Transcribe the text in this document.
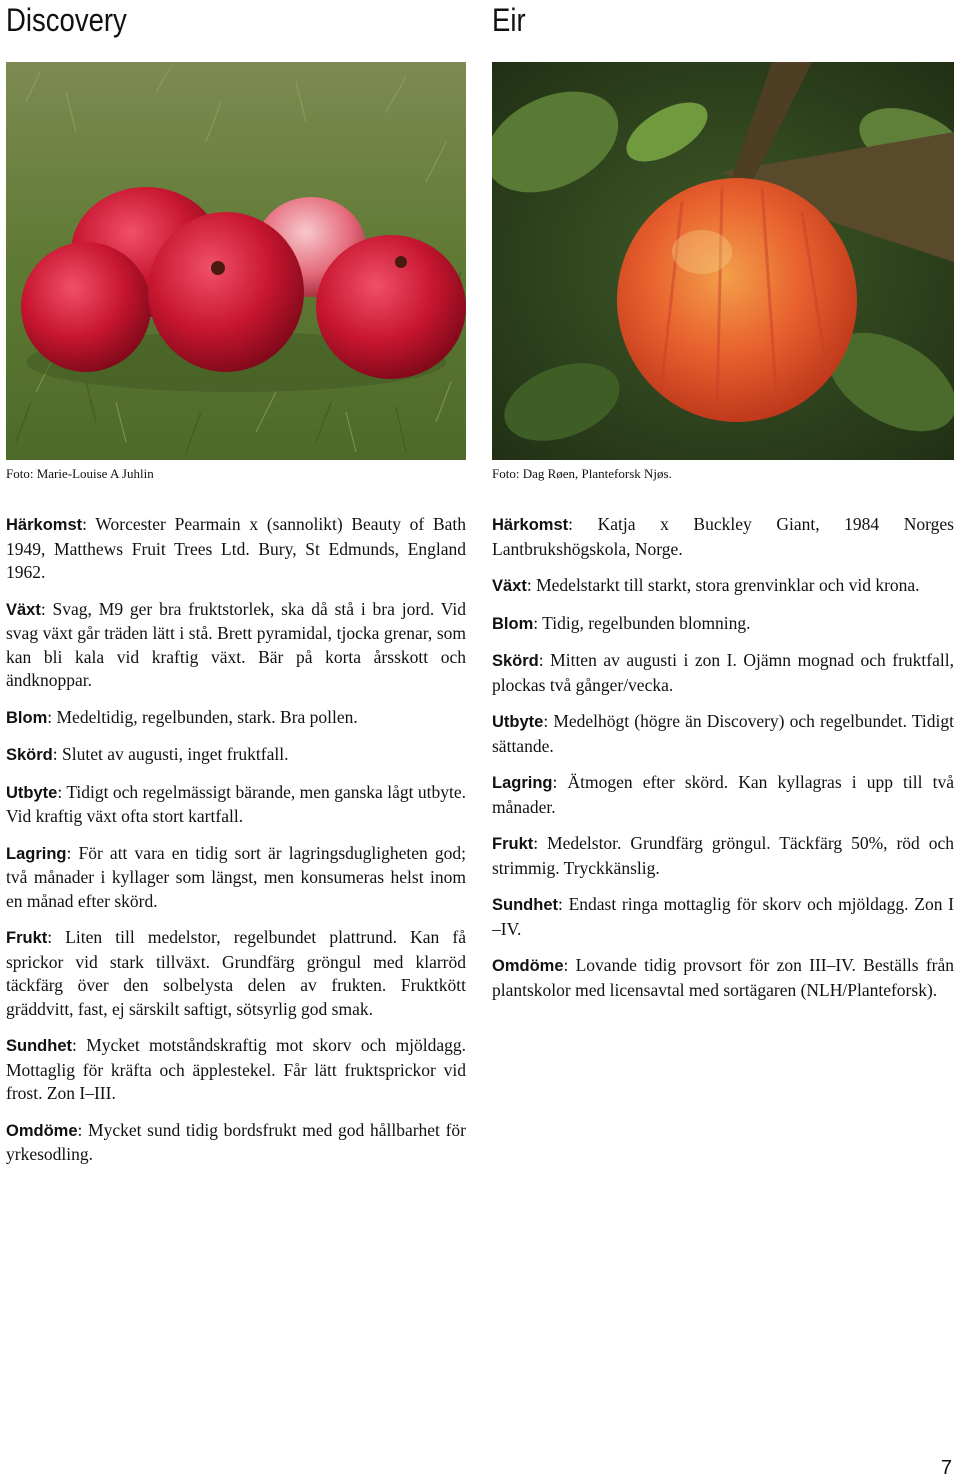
Discovery
Foto: Marie-Louise A Juhlin

Härkomst: Worcester Pearmain x (sannolikt) Beauty of Bath 1949, Matthews Fruit Trees Ltd. Bury, St Edmunds, England 1962.

Växt: Svag, M9 ger bra fruktstorlek, ska då stå i bra jord. Vid svag växt går träden lätt i stå. Brett pyramidal, tjocka grenar, som kan bli kala vid kraftig växt. Bär på korta årsskott och ändknoppar.

Blom: Medeltidig, regelbunden, stark. Bra pollen.

Skörd: Slutet av augusti, inget fruktfall.

Utbyte: Tidigt och regelmässigt bärande, men ganska lågt utbyte. Vid kraftig växt ofta stort kartfall.

Lagring: För att vara en tidig sort är lagringsdugligheten god; två månader i kyllager som längst, men konsumeras helst inom en månad efter skörd.

Frukt: Liten till medelstor, regelbundet plattrund. Kan få sprickor vid stark tillväxt. Grundfärg gröngul med klarröd täckfärg över den solbelysta delen av frukten. Fruktkött gräddvitt, fast, ej särskilt saftigt, sötsyrlig god smak.

Sundhet: Mycket motståndskraftig mot skorv och mjöldagg. Mottaglig för kräfta och äpplestekel. Får lätt fruktsprickor vid frost. Zon I–III.

Omdöme: Mycket sund tidig bordsfrukt med god hållbarhet för yrkesodling.

Eir
Foto: Dag Røen, Planteforsk Njøs.

Härkomst: Katja x Buckley Giant, 1984 Norges Lantbrukshögskola, Norge.

Växt: Medelstarkt till starkt, stora grenvinklar och vid krona.

Blom: Tidig, regelbunden blomning.

Skörd: Mitten av augusti i zon I. Ojämn mognad och fruktfall, plockas två gånger/vecka.

Utbyte: Medelhögt (högre än Discovery) och regelbundet. Tidigt sättande.

Lagring: Ätmogen efter skörd. Kan kyllagras i upp till två månader.

Frukt: Medelstor. Grundfärg gröngul. Täckfärg 50%, röd och strimmig. Tryckkänslig.

Sundhet: Endast ringa mottaglig för skorv och mjöldagg. Zon I –IV.

Omdöme: Lovande tidig provsort för zon III–IV. Beställs från plantskolor med licensavtal med sortägaren (NLH/Planteforsk).

7
